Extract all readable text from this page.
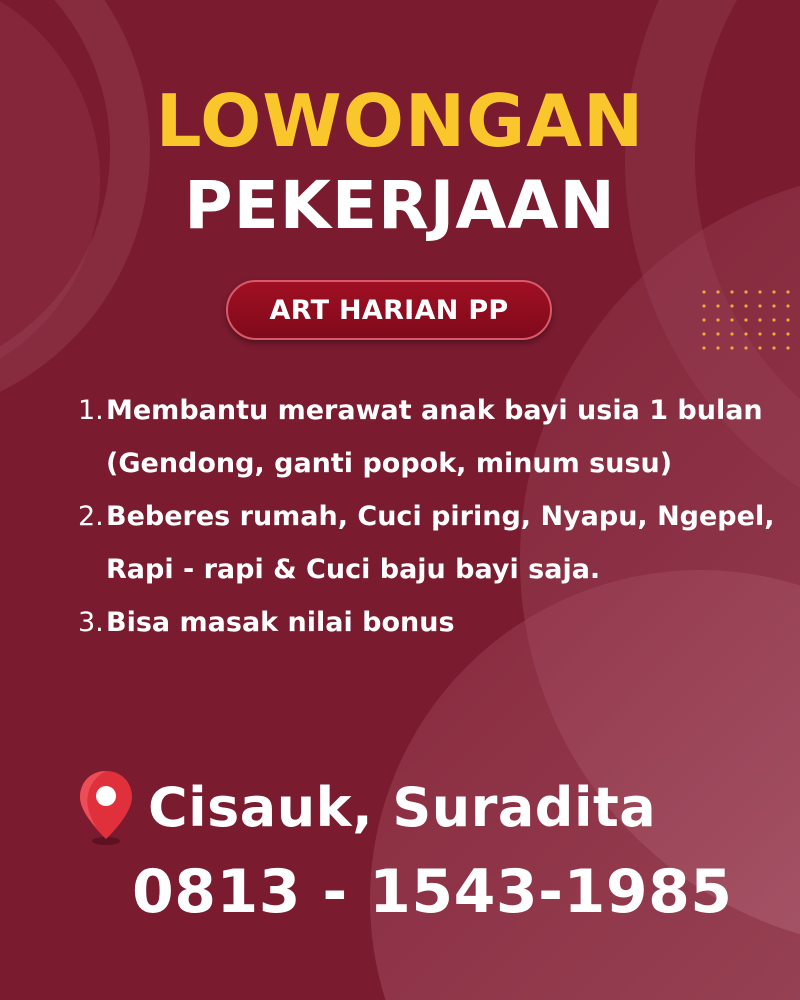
LOWONGAN
PEKERJAAN
ART HARIAN PP
1. Membantu merawat anak bayi usia 1 bulan (Gendong, ganti popok, minum susu)
2. Beberes rumah, Cuci piring, Nyapu, Ngepel, Rapi - rapi & Cuci baju bayi saja.
3. Bisa masak nilai bonus
Cisauk, Suradita
0813 - 1543-1985
